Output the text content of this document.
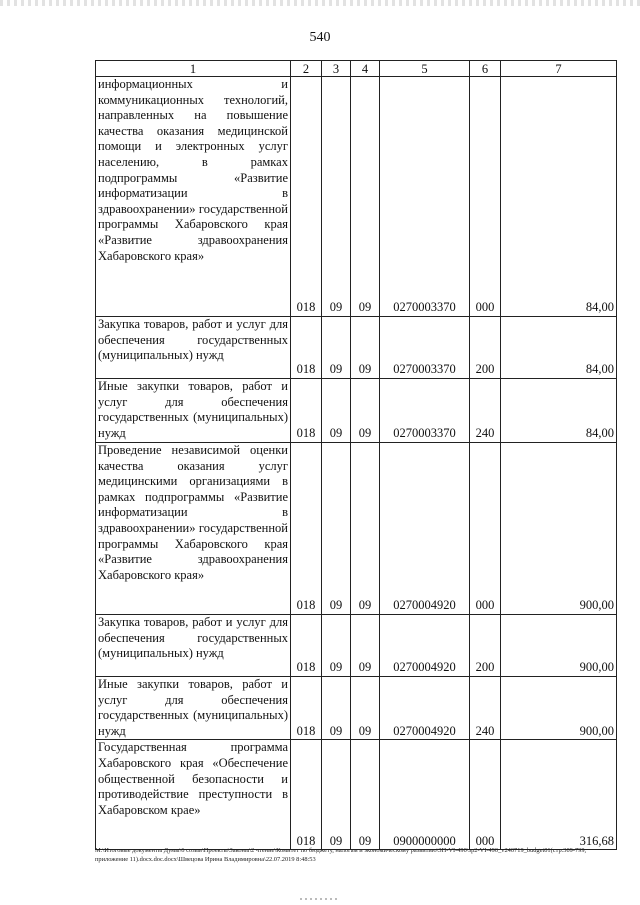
540
1	2	3	4	5	6	7
информационных и коммуникационных технологий, направленных на повышение качества оказания медицинской помощи и электронных услуг населению, в рамках подпрограммы «Развитие информатизации в здравоохранении» государственной программы Хабаровского края «Развитие здравоохранения Хабаровского края»	018	09	09	0270003370	000	84,00
Закупка товаров, работ и услуг для обеспечения государственных (муниципальных) нужд	018	09	09	0270003370	200	84,00
Иные закупки товаров, работ и услуг для обеспечения государственных (муниципальных) нужд	018	09	09	0270003370	240	84,00
Проведение независимой оценки качества оказания услуг медицинскими организациями в рамках подпрограммы «Развитие информатизации в здравоохранении» государственной программы Хабаровского края «Развитие здравоохранения Хабаровского края»	018	09	09	0270004920	000	900,00
Закупка товаров, работ и услуг для обеспечения государственных (муниципальных) нужд	018	09	09	0270004920	200	900,00
Иные закупки товаров, работ и услуг для обеспечения государственных (муниципальных) нужд	018	09	09	0270004920	240	900,00
Государственная программа Хабаровского края «Обеспечение общественной безопасности и противодействие преступности в Хабаровском крае»	018	09	09	0900000000	000	316,68
М:\Итоговые документы Думы\6 созыв\Проекты\Законы\2 чтение\Комитет по бюджету, налогам и экономическому развитию\ЗП-VI-490\зр2-VI-490_v240719_budget01(стр.309-799, приложение 11).docx.doc.docx\Швецова Ирина Владимировна\22.07.2019 8:48:53
